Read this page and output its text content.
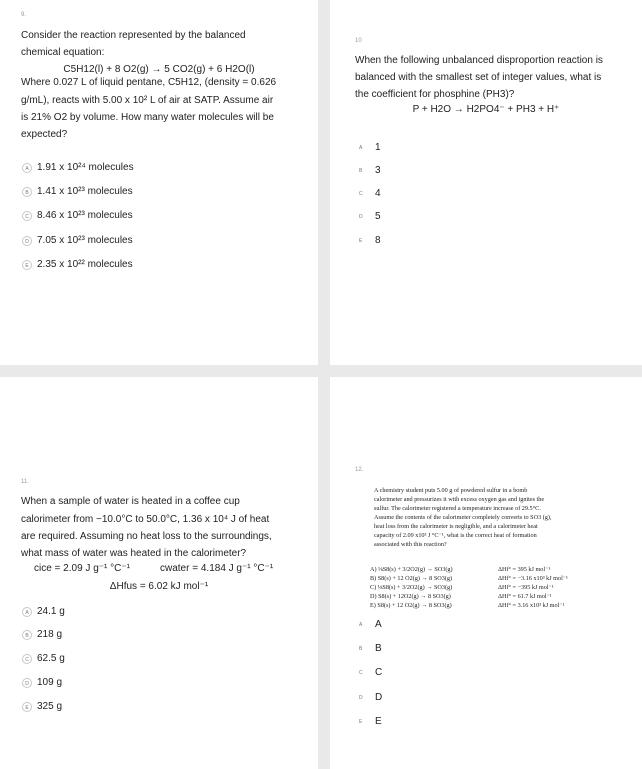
9.
Consider the reaction represented by the balanced
chemical equation:
C5H12(l) + 8 O2(g) → 5 CO2(g) + 6 H2O(l)
Where 0.027 L of liquid pentane, C5H12, (density = 0.626
g/mL), reacts with 5.00 x 10² L of air at SATP. Assume air
is 21% O2 by volume. How many water molecules will be
expected?
A 1.91 x 10²⁴ molecules
B 1.41 x 10²³ molecules
C 8.46 x 10²³ molecules
D 7.05 x 10²³ molecules
E 2.35 x 10²² molecules
10
When the following unbalanced disproportion reaction is
balanced with the smallest set of integer values, what is
the coefficient for phosphine (PH3)?
P + H2O → H2PO4⁻ + PH3 + H⁺
A	1
B	3
C	4
D	5
E	8
11.
When a sample of water is heated in a coffee cup
calorimeter from −10.0°C to 50.0°C, 1.36 x 10⁴ J of heat
are required. Assuming no heat loss to the surroundings,
what mass of water was heated in the calorimeter?
cice = 2.09 J g⁻¹ °C⁻¹	cwater = 4.184 J g⁻¹ °C⁻¹
ΔHfus = 6.02 kJ mol⁻¹
A 24.1 g
B 218 g
C 62.5 g
D 109 g
E 325 g
12.
A chemistry student puts 5.00 g of powdered sulfur in a bomb
calorimeter and pressurizes it with excess oxygen gas and ignites the
sulfur. The calorimeter registered a temperature increase of 29.5°C.
Assume the contents of the calorimeter completely converts to SO3 (g),
heat loss from the calorimeter is negligible, and a calorimeter heat
capacity of 2.09 x10³ J °C⁻¹, what is the correct heat of formation
associated with this reaction?
A) ⅛S8(s) + 3/2O2(g) → SO3(g)	ΔHf° = 395 kJ mol⁻¹
B) S8(s) + 12 O2(g) → 8 SO3(g)	ΔHf° = −3.16 x10³ kJ mol⁻¹
C) ⅛S8(s) + 3/2O2(g) → SO3(g)	ΔHf° = −395 kJ mol⁻¹
D) S8(s) + 12O2(g) → 8 SO3(g)	ΔHf° = 61.7 kJ mol⁻¹
E) S8(s) + 12 O2(g) → 8 SO3(g)	ΔHf° = 3.16 x10³ kJ mol⁻¹
A	A
B	B
C	C
D	D
E	E
